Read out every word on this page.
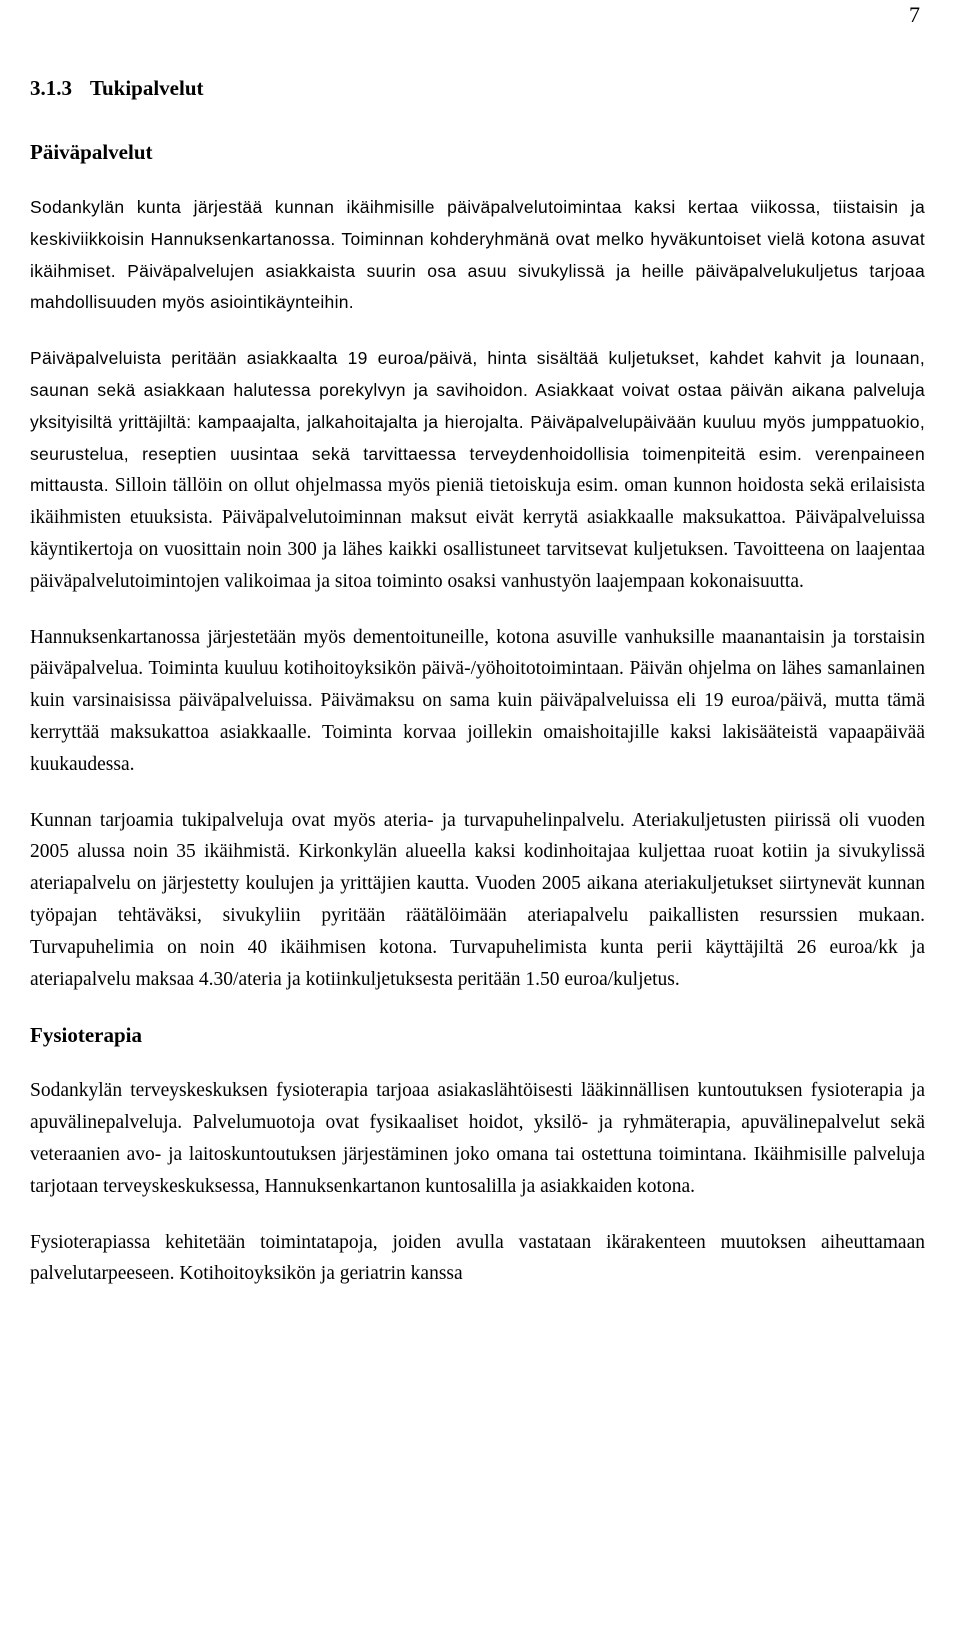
7
3.1.3 Tukipalvelut
Päiväpalvelut

Sodankylän kunta järjestää kunnan ikäihmisille päiväpalvelutoimintaa kaksi kertaa viikossa, tiistaisin ja keskiviikkoisin Hannuksenkartanossa. Toiminnan kohderyhmänä ovat melko hyväkuntoiset vielä kotona asuvat ikäihmiset. Päiväpalvelujen asiakkaista suurin osa asuu sivukylissä ja heille päiväpalvelukuljetus tarjoaa mahdollisuuden myös asiointikäynteihin.

Päiväpalveluista peritään asiakkaalta 19 euroa/päivä, hinta sisältää kuljetukset, kahdet kahvit ja lounaan, saunan sekä asiakkaan halutessa porekylvyn ja savihoidon. Asiakkaat voivat ostaa päivän aikana palveluja yksityisiltä yrittäjiltä: kampaajalta, jalkahoitajalta ja hierojalta. Päiväpalvelupäivään kuuluu myös jumppatuokio, seurustelua, reseptien uusintaa sekä tarvittaessa terveydenhoidollisia toimenpiteitä esim. verenpaineen mittausta. Silloin tällöin on ollut ohjelmassa myös pieniä tietoiskuja esim. oman kunnon hoidosta sekä erilaisista ikäihmisten etuuksista. Päiväpalvelutoiminnan maksut eivät kerrytä asiakkaalle maksukattoa. Päiväpalveluissa käyntikertoja on vuosittain noin 300 ja lähes kaikki osallistuneet tarvitsevat kuljetuksen. Tavoitteena on laajentaa päiväpalvelutoimintojen valikoimaa ja sitoa toiminto osaksi vanhustyön laajempaan kokonaisuutta.

Hannuksenkartanossa järjestetään myös dementoituneille, kotona asuville vanhuksille maanantaisin ja torstaisin päiväpalvelua. Toiminta kuuluu kotihoitoyksikön päivä-/yöhoitotoimintaan. Päivän ohjelma on lähes samanlainen kuin varsinaisissa päiväpalveluissa. Päivämaksu on sama kuin päiväpalveluissa eli 19 euroa/päivä, mutta tämä kerryttää maksukattoa asiakkaalle. Toiminta korvaa joillekin omaishoitajille kaksi lakisääteistä vapaapäivää kuukaudessa.

Kunnan tarjoamia tukipalveluja ovat myös ateria- ja turvapuhelinpalvelu. Ateriakuljetusten piirissä oli vuoden 2005 alussa noin 35 ikäihmistä. Kirkonkylän alueella kaksi kodinhoitajaa kuljettaa ruoat kotiin ja sivukylissä ateriapalvelu on järjestetty koulujen ja yrittäjien kautta. Vuoden 2005 aikana ateriakuljetukset siirtynevät kunnan työpajan tehtäväksi, sivukyliin pyritään räätälöimään ateriapalvelu paikallisten resurssien mukaan. Turvapuhelimia on noin 40 ikäihmisen kotona. Turvapuhelimista kunta perii käyttäjiltä 26 euroa/kk ja ateriapalvelu maksaa 4.30/ateria ja kotiinkuljetuksesta peritään 1.50 euroa/kuljetus.

Fysioterapia

Sodankylän terveyskeskuksen fysioterapia tarjoaa asiakaslähtöisesti lääkinnällisen kuntoutuksen fysioterapia ja apuvälinepalveluja. Palvelumuotoja ovat fysikaaliset hoidot, yksilö- ja ryhmäterapia, apuvälinepalvelut sekä veteraanien avo- ja laitoskuntoutuksen järjestäminen joko omana tai ostettuna toimintana. Ikäihmisille palveluja tarjotaan terveyskeskuksessa, Hannuksenkartanon kuntosalilla ja asiakkaiden kotona.

Fysioterapiassa kehitetään toimintatapoja, joiden avulla vastataan ikärakenteen muutoksen aiheuttamaan palvelutarpeeseen. Kotihoitoyksikön ja geriatrin kanssa
